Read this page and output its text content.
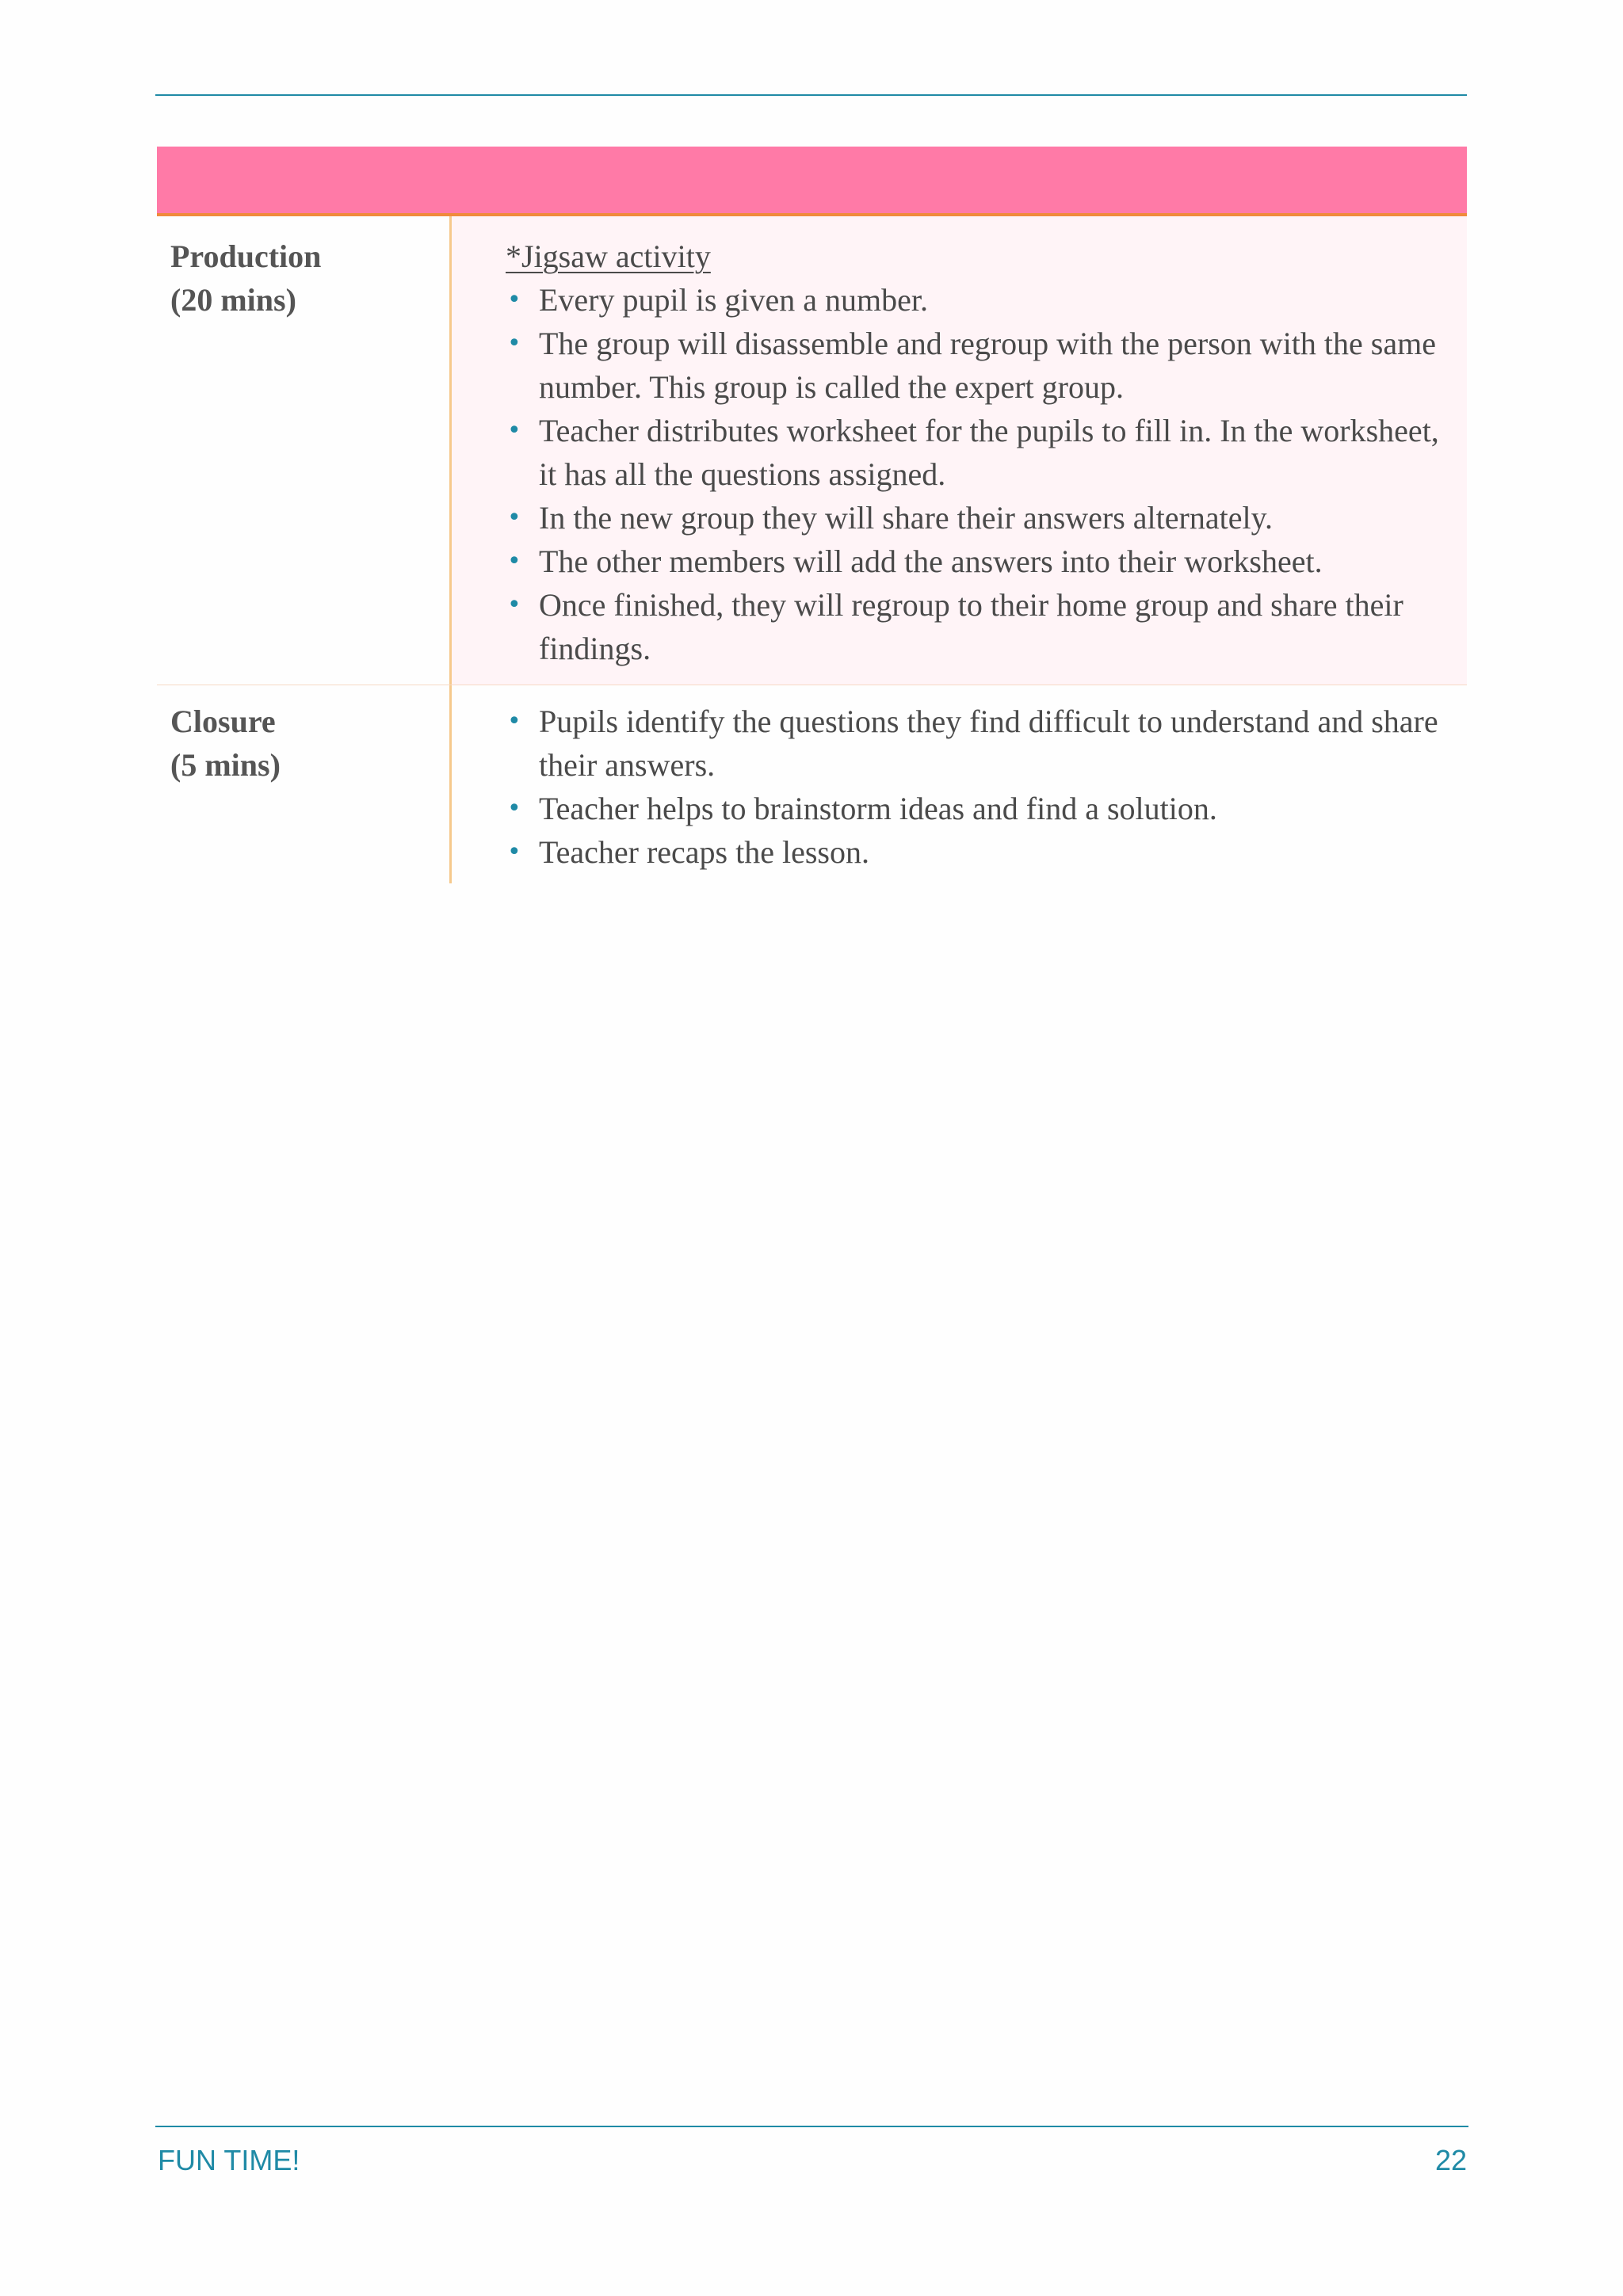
Production
(20 mins)
*Jigsaw activity
• Every pupil is given a number.
• The group will disassemble and regroup with the person with the same number. This group is called the expert group.
• Teacher distributes worksheet for the pupils to fill in. In the worksheet, it has all the questions assigned.
• In the new group they will share their answers alternately.
• The other members will add the answers into their worksheet.
• Once finished, they will regroup to their home group and share their findings.
Closure
(5 mins)
• Pupils identify the questions they find difficult to understand and share their answers.
• Teacher helps to brainstorm ideas and find a solution.
• Teacher recaps the lesson.
FUN TIME!	22
